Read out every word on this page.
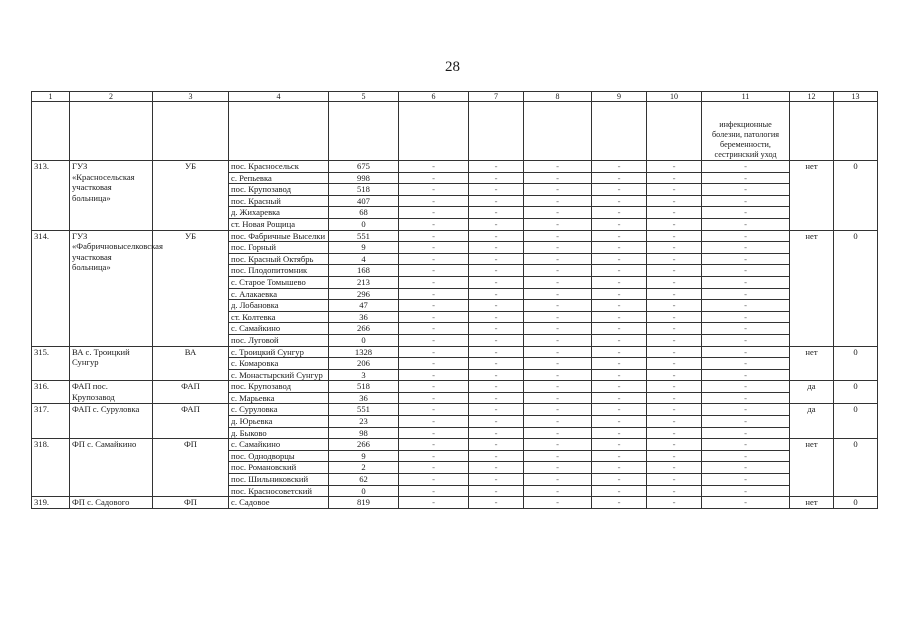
28
1	2	3	4	5	6	7	8	9	10	11	12	13
										инфекционные болезни, патология беременности, сестринский уход		
313.	ГУЗ «Красносельская участковая больница»	УБ	пос. Красносельск	675	-	-	-	-	-	-	нет	0
			с. Репьевка	998	-	-	-	-	-	-		
			пос. Крупозавод	518	-	-	-	-	-	-		
			пос. Красный	407	-	-	-	-	-	-		
			д. Жихаревка	68	-	-	-	-	-	-		
			ст. Новая Рощица	0	-	-	-	-	-	-		
314.	ГУЗ «Фабричновыселковская участковая больница»	УБ	пос. Фабричные Выселки	551	-	-	-	-	-	-	нет	0
			пос. Горный	9	-	-	-	-	-	-		
			пос. Красный Октябрь	4	-	-	-	-	-	-		
			пос. Плодопитомник	168	-	-	-	-	-	-		
			с. Старое Томышево	213	-	-	-	-	-	-		
			с. Алакаевка	296	-	-	-	-	-	-		
			д. Лобановка	47	-	-	-	-	-	-		
			ст. Колтевка	36	-	-	-	-	-	-		
			с. Самайкино	266	-	-	-	-	-	-		
			пос. Луговой	0	-	-	-	-	-	-		
315.	ВА с. Троицкий Сунгур	ВА	с. Троицкий Сунгур	1328	-	-	-	-	-	-	нет	0
			с. Комаровка	206	-	-	-	-	-	-		
			с. Монастырский Сунгур	3	-	-	-	-	-	-		
316.	ФАП пос. Крупозавод	ФАП	пос. Крупозавод	518	-	-	-	-	-	-	да	0
			с. Марьевка	36	-	-	-	-	-	-		
317.	ФАП с. Суруловка	ФАП	с. Суруловка	551	-	-	-	-	-	-	да	0
			д. Юрьевка	23	-	-	-	-	-	-		
			д. Быково	98	-	-	-	-	-	-		
318.	ФП с. Самайкино	ФП	с. Самайкино	266	-	-	-	-	-	-	нет	0
			пос. Однодворцы	9	-	-	-	-	-	-		
			пос. Романовский	2	-	-	-	-	-	-		
			пос. Шильниковский	62	-	-	-	-	-	-		
			пос. Красносоветский	0	-	-	-	-	-	-		
319.	ФП с. Садового	ФП	с. Садовое	819	-	-	-	-	-	-	нет	0
